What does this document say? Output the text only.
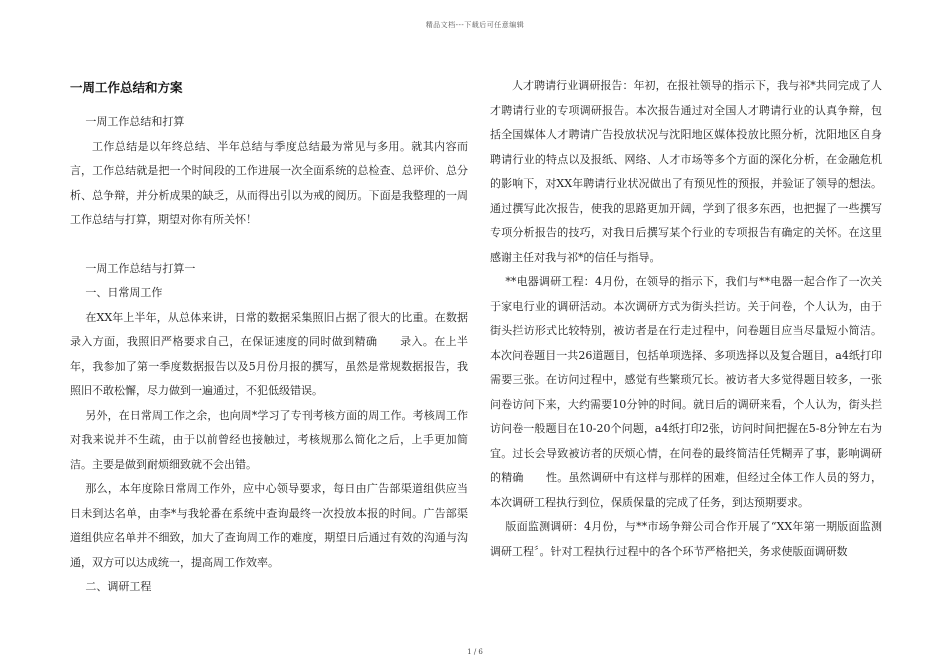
精品文档---下载后可任意编辑
一周工作总结和方案

一周工作总结和打算

工作总结是以年终总结、半年总结与季度总结最为常见与多用。就其内容而言，工作总结就是把一个时间段的工作进展一次全面系统的总检查、总评价、总分析、总争辩，并分析成果的缺乏，从而得出引以为戒的阅历。下面是我整理的一周工作总结与打算，期望对你有所关怀！

一周工作总结与打算一

一、日常周工作

在XX年上半年，从总体来讲，日常的数据采集照旧占据了很大的比重。在数据录入方面，我照旧严格要求自己，在保证速度的同时做到精确　　录入。在上半年，我参加了第一季度数据报告以及5月份月报的撰写，虽然是常规数据报告，我照旧不敢松懈，尽力做到一遍通过，不犯低级错误。

另外，在日常周工作之余，也向周*学习了专刊考核方面的周工作。考核周工作对我来说并不生疏，由于以前曾经也接触过，考核规那么简化之后，上手更加简洁。主要是做到耐烦细致就不会出错。

那么，本年度除日常周工作外，应中心领导要求，每日由广告部渠道组供应当日未到达名单，由李*与我轮番在系统中查询最终一次投放本报的时间。广告部渠道组供应名单并不细致，加大了查询周工作的难度，期望日后通过有效的沟通与沟通，双方可以达成统一，提高周工作效率。

二、调研工程

人才聘请行业调研报告：年初，在报社领导的指示下，我与祁*共同完成了人才聘请行业的专项调研报告。本次报告通过对全国人才聘请行业的认真争辩，包括全国媒体人才聘请广告投放状况与沈阳地区媒体投放比照分析，沈阳地区自身聘请行业的特点以及报纸、网络、人才市场等多个方面的深化分析，在金融危机的影响下，对XX年聘请行业状况做出了有预见性的预报，并验证了领导的想法。通过撰写此次报告，使我的思路更加开阔，学到了很多东西，也把握了一些撰写专项分析报告的技巧，对我日后撰写某个行业的专项报告有确定的关怀。在这里感谢主任对我与祁*的信任与指导。

**电器调研工程：4月份，在领导的指示下，我们与**电器一起合作了一次关于家电行业的调研活动。本次调研方式为街头拦访。关于问卷，个人认为，由于街头拦访形式比较特别，被访者是在行走过程中，问卷题目应当尽量短小简洁。本次问卷题目一共26道题目，包括单项选择、多项选择以及复合题目，a4纸打印需要三张。在访问过程中，感觉有些繁琐冗长。被访者大多觉得题目较多，一张问卷访问下来，大约需要10分钟的时间。就日后的调研来看，个人认为，街头拦访问卷一般题目在10-20个问题，a4纸打印2张，访问时间把握在5-8分钟左右为宜。过长会导致被访者的厌烦心情，在问卷的最终简洁任凭糊弄了事，影响调研的精确　　性。虽然调研中有这样与那样的困难，但经过全体工作人员的努力，本次调研工程执行到位，保质保量的完成了任务，到达预期要求。

版面监测调研：4月份，与**市场争辩公司合作开展了“XX年第一期版面监测调研工程〞。针对工程执行过程中的各个环节严格把关，务求使版面调研数

1 / 6
